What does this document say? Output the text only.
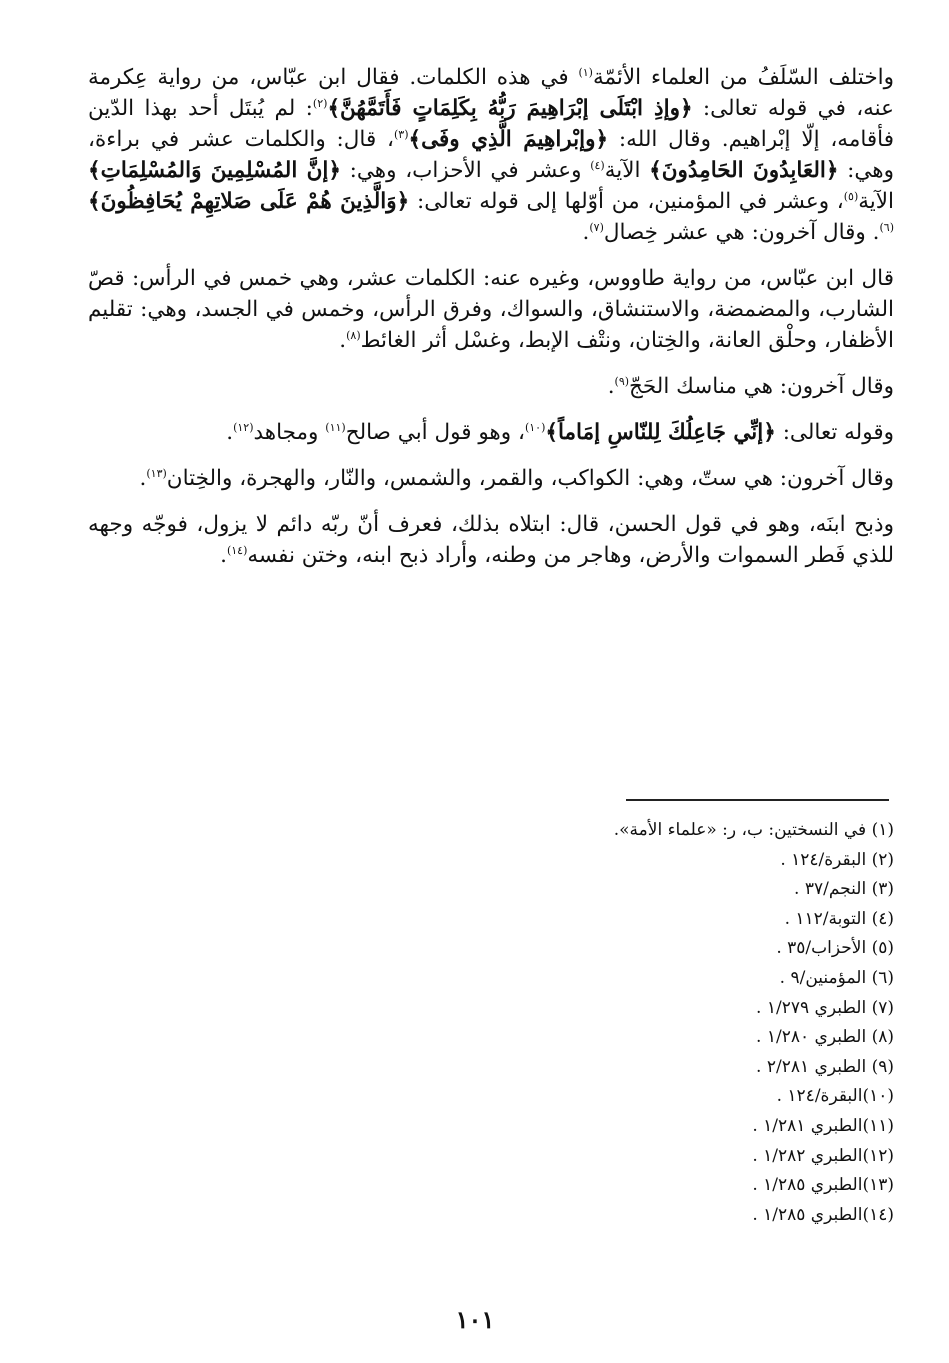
واختلف السّلَفُ من العلماء الأئمّة$^{(١)}$ في هذه الكلمات. فقال ابن عبّاس، من رواية عِكرمة عنه، في قوله تعالى: ﴿وإذِ ابْتَلَى إبْرَاهِيمَ رَبُّهُ بِكَلِمَاتٍ فَأَتَمَّهُنَّ﴾$^{(٢)}$: لم يُبتَل أحد بهذا الدّين فأقامه، إلّا إبْراهيم. وقال الله: ﴿وإبْراهِيمَ الَّذِي وفَى﴾$^{(٣)}$، قال: والكلمات عشر في براءة، وهي: ﴿العَابِدُونَ الحَامِدُونَ﴾ الآية$^{(٤)}$ وعشر في الأحزاب، وهي: ﴿إنَّ المُسْلِمِينَ وَالمُسْلِمَاتِ﴾ الآية$^{(٥)}$، وعشر في المؤمنين، من أوّلها إلى قوله تعالى: ﴿وَالَّذِينَ هُمْ عَلَى صَلاتِهِمْ يُحَافِظُونَ﴾$^{(٦)}$. وقال آخرون: هي عشر خِصال$^{(٧)}$.

قال ابن عبّاس، من رواية طاووس، وغيره عنه: الكلمات عشر، وهي خمس في الرأس: قصّ الشارب، والمضمضة، والاستنشاق، والسواك، وفرق الرأس، وخمس في الجسد، وهي: تقليم الأظفار، وحلْق العانة، والخِتان، ونتْف الإبط، وغسْل أثر الغائط$^{(٨)}$.

وقال آخرون: هي مناسك الحَجّ$^{(٩)}$.

وقوله تعالى: ﴿إنِّي جَاعِلُكَ لِلنّاسِ إمَاماً﴾$^{(١٠)}$، وهو قول أبي صالح$^{(١١)}$ ومجاهد$^{(١٢)}$.

وقال آخرون: هي ستّ، وهي: الكواكب، والقمر، والشمس، والنّار، والهجرة، والخِتان$^{(١٣)}$.

وذبح ابنَه، وهو في قول الحسن، قال: ابتلاه بذلك، فعرف أنّ ربّه دائم لا يزول، فوجّه وجهه للذي فَطر السموات والأرض، وهاجر من وطنه، وأراد ذبح ابنه، وختن نفسه$^{(١٤)}$.

(١) في النسختين: ب، ر: «علماء الأمة».
(٢) البقرة/١٢٤ .
(٣) النجم/٣٧ .
(٤) التوبة/١١٢ .
(٥) الأحزاب/٣٥ .
(٦) المؤمنين/٩ .
(٧) الطبري ١/٢٧٩ .
(٨) الطبري ١/٢٨٠ .
(٩) الطبري ٢/٢٨١ .
(١٠)البقرة/١٢٤ .
(١١)الطبري ١/٢٨١ .
(١٢)الطبري ١/٢٨٢ .
(١٣)الطبري ١/٢٨٥ .
(١٤)الطبري ١/٢٨٥ .
١٠١
